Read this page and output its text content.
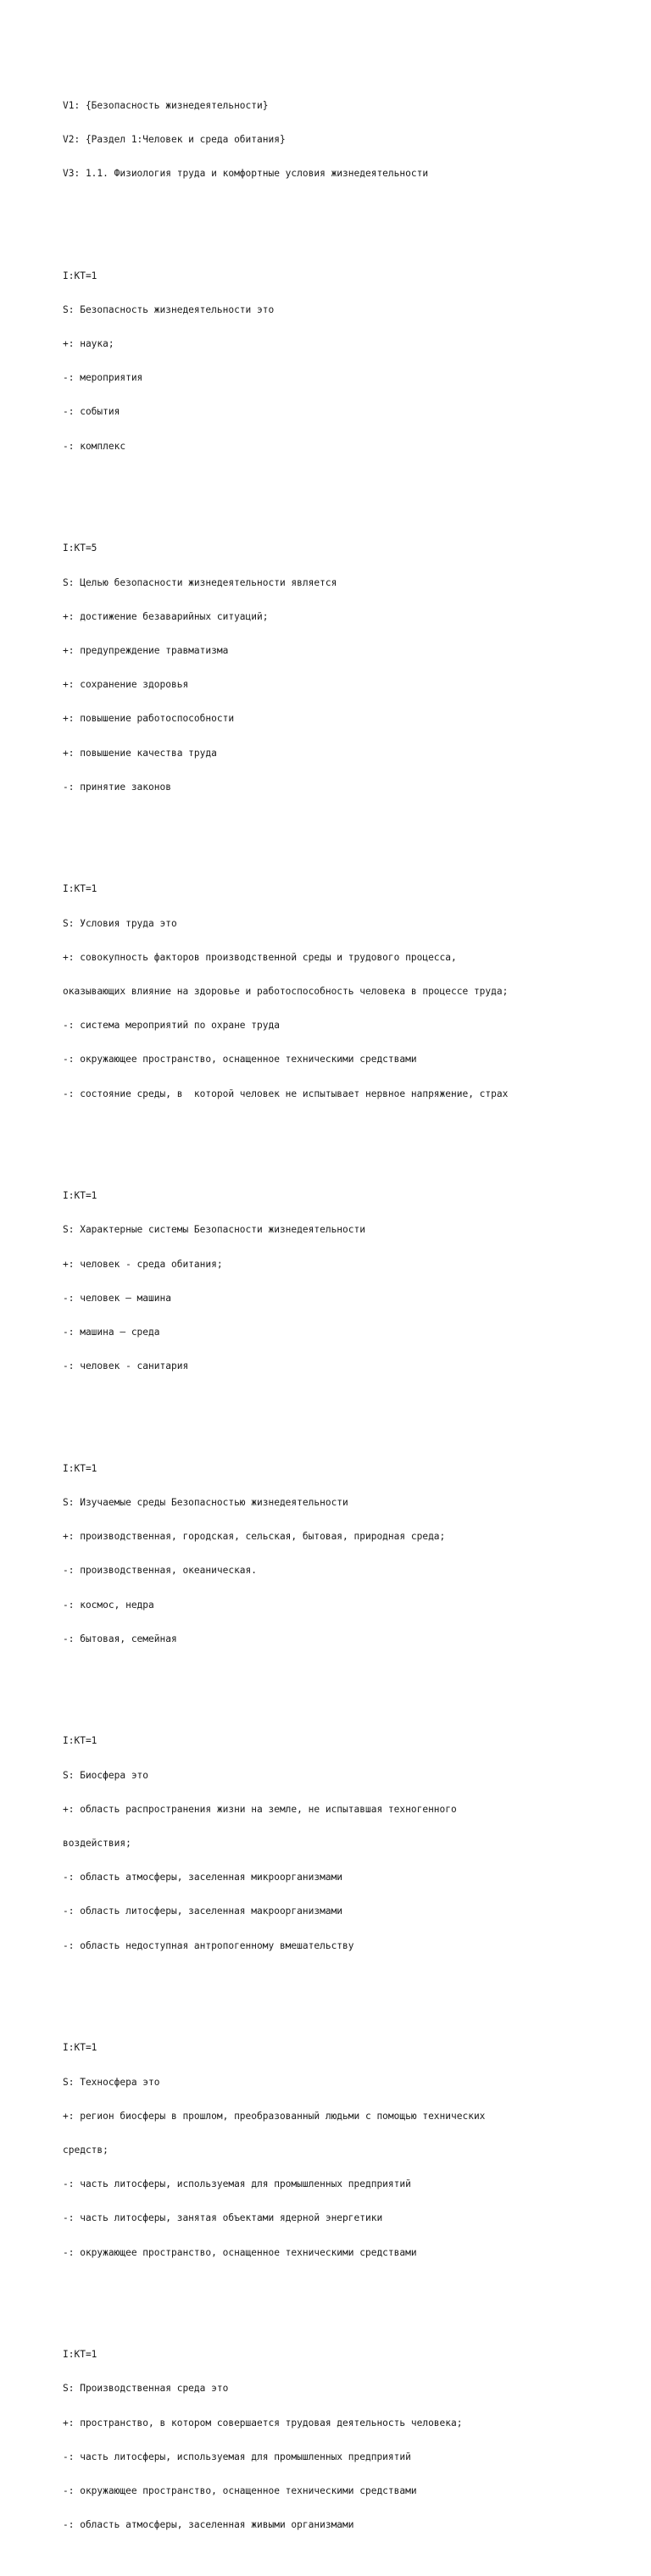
V1: {Безопасность жизнедеятельности}

V2: {Раздел 1:Человек и среда обитания}

V3: 1.1. Физиология труда и комфортные условия жизнедеятельности

I:KT=1

S: Безопасность жизнедеятельности это

+: наука;

-: мероприятия

-: события

-: комплекс

I:KT=5

S: Целью безопасности жизнедеятельности является

+: достижение безаварийных ситуаций;

+: предупреждение травматизма

+: сохранение здоровья

+: повышение работоспособности

+: повышение качества труда

-: принятие законов

I:KT=1

S: Условия труда это

+: совокупность факторов производственной среды и трудового процесса,

оказывающих влияние на здоровье и работоспособность человека в процессе труда;

-: система мероприятий по охране труда

-: окружающее пространство, оснащенное техническими средствами

-: состояние среды, в  которой человек не испытывает нервное напряжение, страх

I:KT=1

S: Характерные системы Безопасности жизнедеятельности

+: человек - среда обитания;

-: человек – машина

-: машина – среда

-: человек - санитария

I:KT=1

S: Изучаемые среды Безопасностью жизнедеятельности

+: производственная, городская, сельская, бытовая, природная среда;

-: производственная, океаническая.

-: космос, недра

-: бытовая, семейная

I:KT=1

S: Биосфера это

+: область распространения жизни на земле, не испытавшая техногенного

воздействия;

-: область атмосферы, заселенная микроорганизмами

-: область литосферы, заселенная макроорганизмами

-: область недоступная антропогенному вмешательству

I:KT=1

S: Техносфера это

+: регион биосферы в прошлом, преобразованный людьми с помощью технических

средств;

-: часть литосферы, используемая для промышленных предприятий

-: часть литосферы, занятая объектами ядерной энергетики

-: окружающее пространство, оснащенное техническими средствами

I:KT=1

S: Производственная среда это

+: пространство, в котором совершается трудовая деятельность человека;

-: часть литосферы, используемая для промышленных предприятий

-: окружающее пространство, оснащенное техническими средствами

-: область атмосферы, заселенная живыми организмами
